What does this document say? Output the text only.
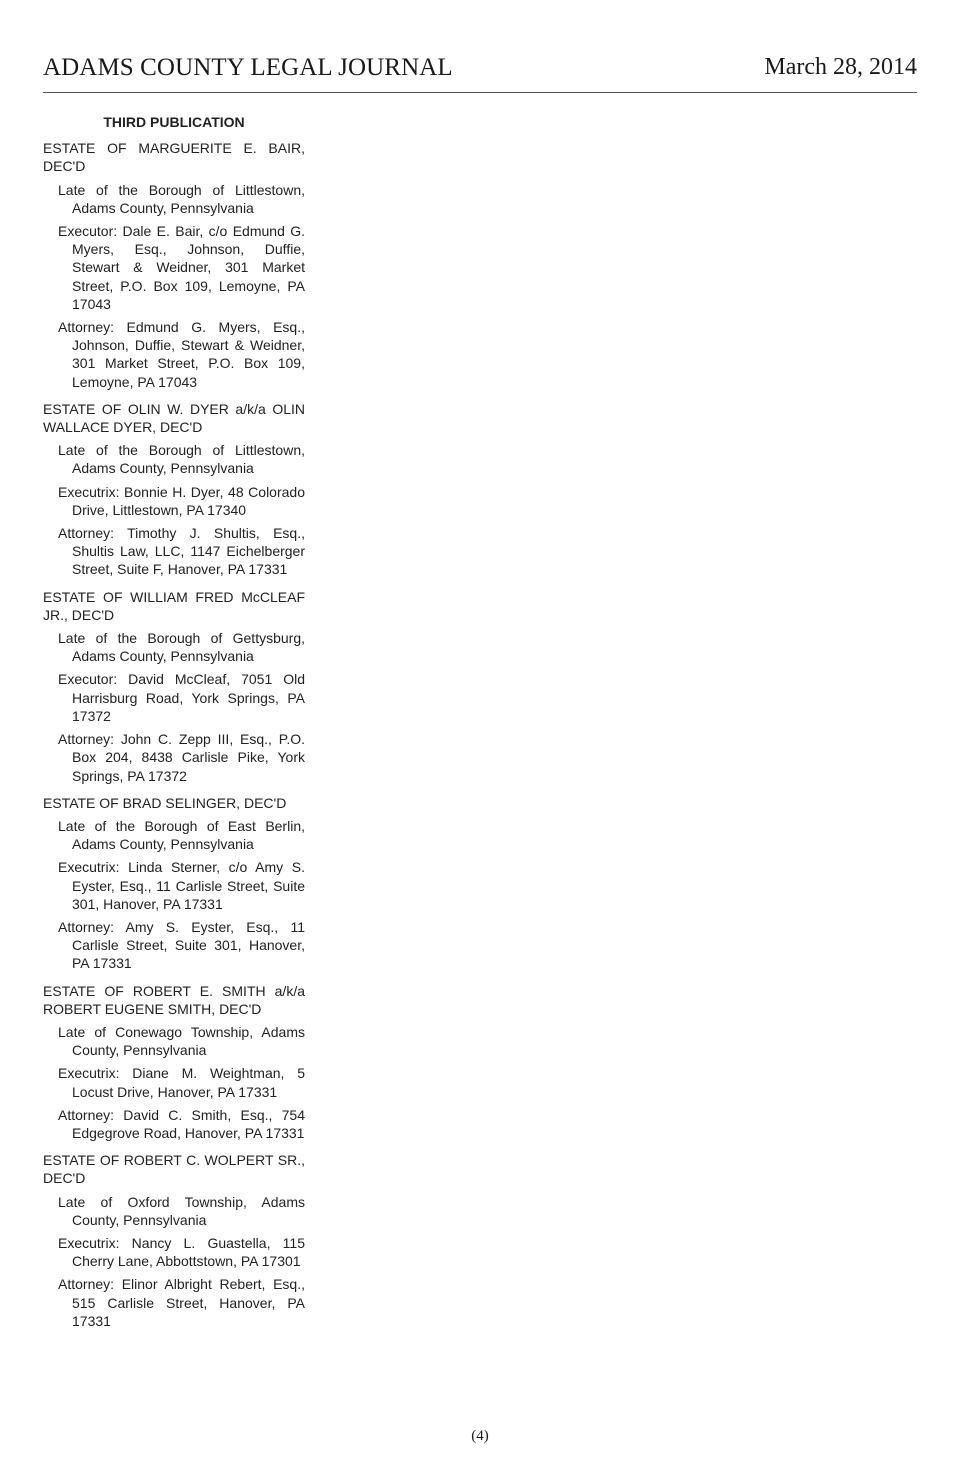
ADAMS COUNTY LEGAL JOURNAL	March 28, 2014
THIRD PUBLICATION
ESTATE OF MARGUERITE E. BAIR, DEC'D
Late of the Borough of Littlestown, Adams County, Pennsylvania
Executor: Dale E. Bair, c/o Edmund G. Myers, Esq., Johnson, Duffie, Stewart & Weidner, 301 Market Street, P.O. Box 109, Lemoyne, PA 17043
Attorney: Edmund G. Myers, Esq., Johnson, Duffie, Stewart & Weidner, 301 Market Street, P.O. Box 109, Lemoyne, PA 17043
ESTATE OF OLIN W. DYER a/k/a OLIN WALLACE DYER, DEC'D
Late of the Borough of Littlestown, Adams County, Pennsylvania
Executrix: Bonnie H. Dyer, 48 Colorado Drive, Littlestown, PA 17340
Attorney: Timothy J. Shultis, Esq., Shultis Law, LLC, 1147 Eichelberger Street, Suite F, Hanover, PA 17331
ESTATE OF WILLIAM FRED McCLEAF JR., DEC'D
Late of the Borough of Gettysburg, Adams County, Pennsylvania
Executor: David McCleaf, 7051 Old Harrisburg Road, York Springs, PA 17372
Attorney: John C. Zepp III, Esq., P.O. Box 204, 8438 Carlisle Pike, York Springs, PA 17372
ESTATE OF BRAD SELINGER, DEC'D
Late of the Borough of East Berlin, Adams County, Pennsylvania
Executrix: Linda Sterner, c/o Amy S. Eyster, Esq., 11 Carlisle Street, Suite 301, Hanover, PA 17331
Attorney: Amy S. Eyster, Esq., 11 Carlisle Street, Suite 301, Hanover, PA 17331
ESTATE OF ROBERT E. SMITH a/k/a ROBERT EUGENE SMITH, DEC'D
Late of Conewago Township, Adams County, Pennsylvania
Executrix: Diane M. Weightman, 5 Locust Drive, Hanover, PA 17331
Attorney: David C. Smith, Esq., 754 Edgegrove Road, Hanover, PA 17331
ESTATE OF ROBERT C. WOLPERT SR., DEC'D
Late of Oxford Township, Adams County, Pennsylvania
Executrix: Nancy L. Guastella, 115 Cherry Lane, Abbottstown, PA 17301
Attorney: Elinor Albright Rebert, Esq., 515 Carlisle Street, Hanover, PA 17331
(4)
